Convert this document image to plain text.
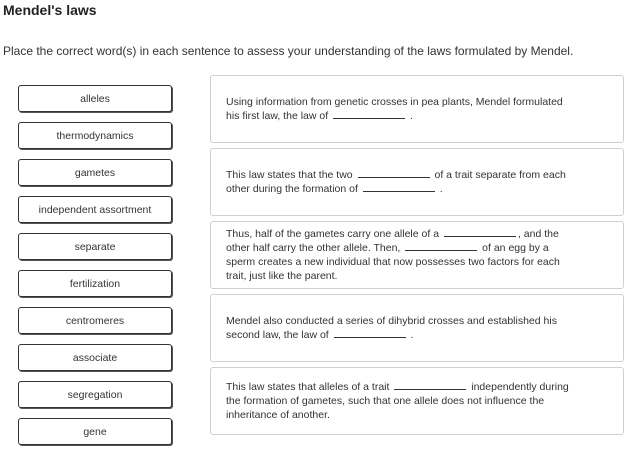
Mendel's laws
Place the correct word(s) in each sentence to assess your understanding of the laws formulated by Mendel.
alleles
thermodynamics
gametes
independent assortment
separate
fertilization
centromeres
associate
segregation
gene

Using information from genetic crosses in pea plants, Mendel formulated
his first law, the law of	.

This law states that the two	of a trait separate from each
other during the formation of	.

Thus, half of the gametes carry one allele of a	, and the
other half carry the other allele. Then,	of an egg by a
sperm creates a new individual that now possesses two factors for each
trait, just like the parent.

Mendel also conducted a series of dihybrid crosses and established his
second law, the law of	.

This law states that alleles of a trait	independently during
the formation of gametes, such that one allele does not influence the
inheritance of another.
